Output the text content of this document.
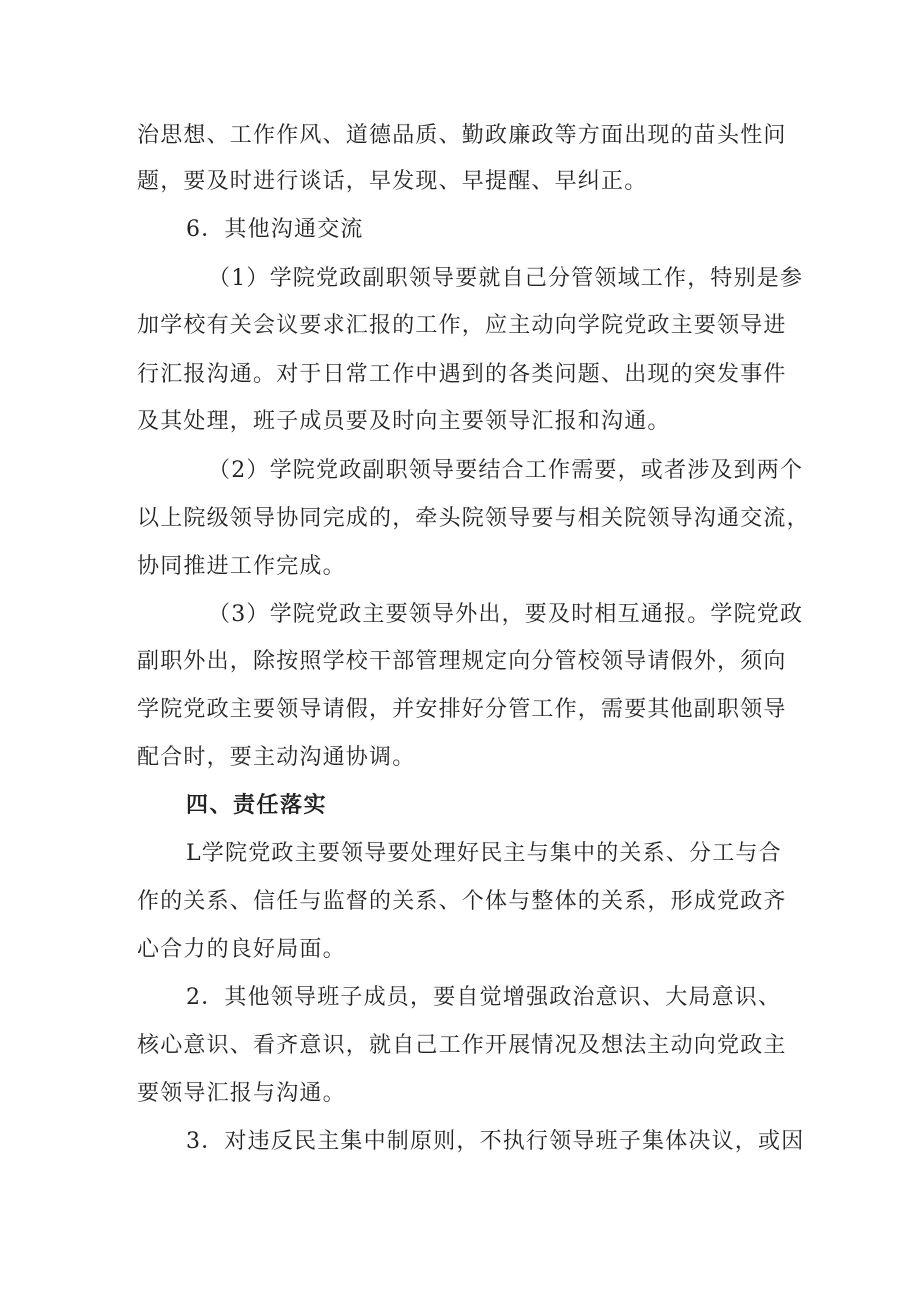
治思想、工作作风、道德品质、勤政廉政等方面出现的苗头性问
题，要及时进行谈话，早发现、早提醒、早纠正。
6．其他沟通交流
（1）学院党政副职领导要就自己分管领域工作，特别是参
加学校有关会议要求汇报的工作，应主动向学院党政主要领导进
行汇报沟通。对于日常工作中遇到的各类问题、出现的突发事件
及其处理，班子成员要及时向主要领导汇报和沟通。
（2）学院党政副职领导要结合工作需要，或者涉及到两个
以上院级领导协同完成的，牵头院领导要与相关院领导沟通交流，
协同推进工作完成。
（3）学院党政主要领导外出，要及时相互通报。学院党政
副职外出，除按照学校干部管理规定向分管校领导请假外，须向
学院党政主要领导请假，并安排好分管工作，需要其他副职领导
配合时，要主动沟通协调。
四、责任落实
L学院党政主要领导要处理好民主与集中的关系、分工与合
作的关系、信任与监督的关系、个体与整体的关系，形成党政齐
心合力的良好局面。
2．其他领导班子成员，要自觉增强政治意识、大局意识、
核心意识、看齐意识，就自己工作开展情况及想法主动向党政主
要领导汇报与沟通。
3．对违反民主集中制原则，不执行领导班子集体决议，或因
